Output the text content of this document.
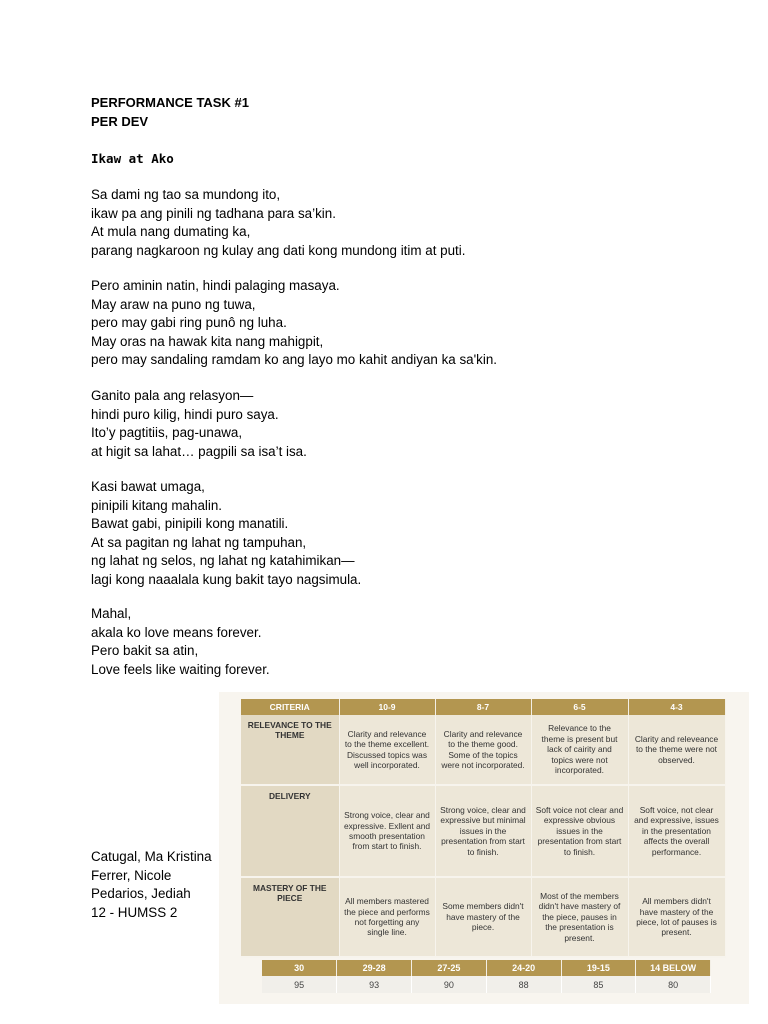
PERFORMANCE TASK #1
PER DEV
Ikaw at Ako
Sa dami ng tao sa mundong ito,
ikaw pa ang pinili ng tadhana para sa’kin.
At mula nang dumating ka,
parang nagkaroon ng kulay ang dati kong mundong itim at puti.
Pero aminin natin, hindi palaging masaya.
May araw na puno ng tuwa,
pero may gabi ring punô ng luha.
May oras na hawak kita nang mahigpit,
pero may sandaling ramdam ko ang layo mo kahit andiyan ka sa'kin.
Ganito pala ang relasyon—
hindi puro kilig, hindi puro saya.
Ito’y pagtitiis, pag-unawa,
at higit sa lahat… pagpili sa isa’t isa.
Kasi bawat umaga,
pinipili kitang mahalin.
Bawat gabi, pinipili kong manatili.
At sa pagitan ng lahat ng tampuhan,
ng lahat ng selos, ng lahat ng katahimikan—
lagi kong naaalala kung bakit tayo nagsimula.
Mahal,
akala ko love means forever.
Pero bakit sa atin,
Love feels like waiting forever.
Catugal, Ma Kristina
Ferrer, Nicole
Pedarios, Jediah
12 - HUMSS 2
CRITERIA	10-9	8-7	6-5	4-3
RELEVANCE TO THE THEME	Clarity and relevance to the theme excellent. Discussed topics was well incorporated.	Clarity and relevance to the theme good. Some of the topics were not incorporated.	Relevance to the theme is present but lack of cairity and topics were not incorporated.	Clarity and releveance to the theme were not observed.
DELIVERY	Strong voice, clear and expressive. Exllent and smooth presentation from start to finish.	Strong voice, clear and expressive but minimal issues in the presentation from start to finish.	Soft voice not clear and expressive obvious issues in the presentation from start to finish.	Soft voice, not clear and expressive, issues in the presentation affects the overall performance.
MASTERY OF THE PIECE	All members mastered the piece and performs not forgetting any single line.	Some members didn't have mastery of the piece.	Most of the members didn't have mastery of the piece, pauses in the presentation is present.	All members didn't have mastery of the piece, lot of pauses is present.
30	29-28	27-25	24-20	19-15	14 BELOW
95	93	90	88	85	80
